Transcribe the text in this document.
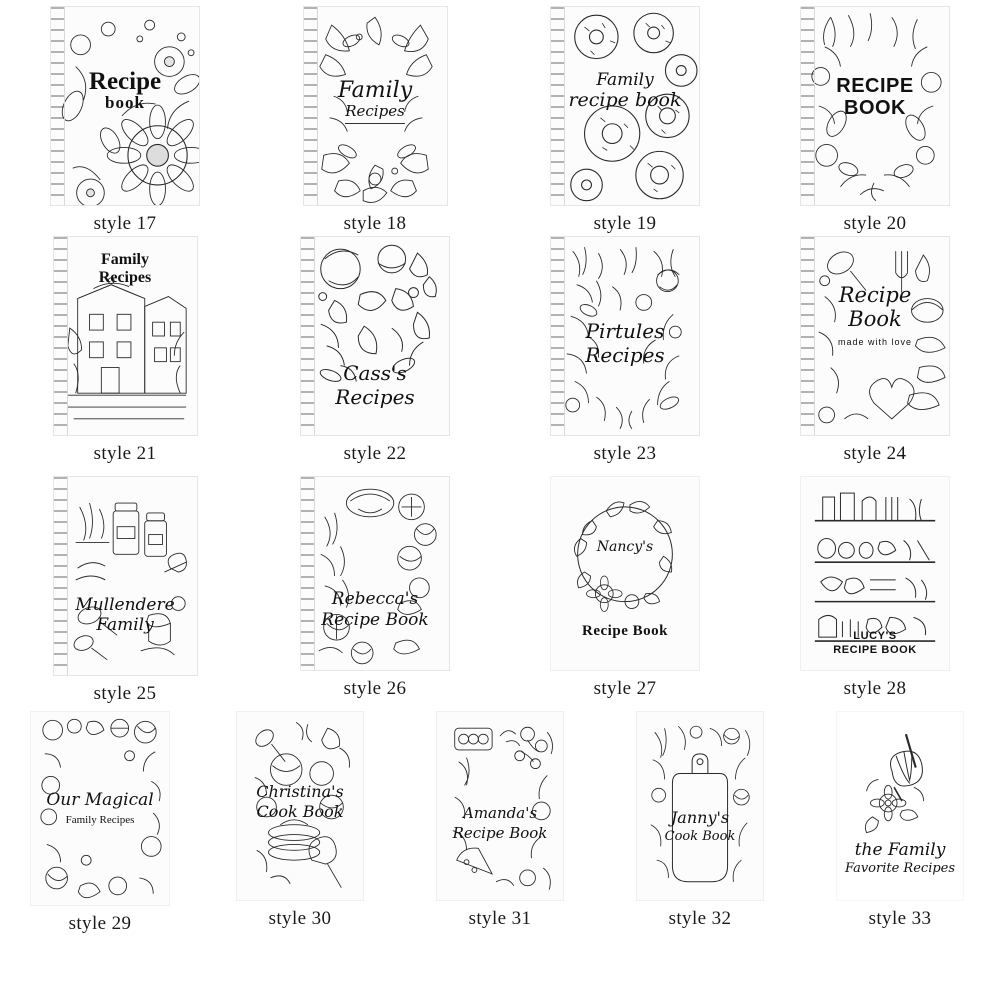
Recipe
book
style 17
Family
Recipes
style 18
Family
recipe book
style 19
RECIPE
BOOK
style 20
Family
Recipes
style 21
Cass's
Recipes
style 22
Pirtules
Recipes
style 23
Recipe
Book
made with love
style 24
Mullendere
Family
style 25
Rebecca's
Recipe Book
style 26
Nancy's
Recipe Book
style 27
LUCY'S
RECIPE BOOK
style 28
Our Magical
Family Recipes
style 29
Christina's
Cook Book
style 30
Amanda's
Recipe Book
style 31
Janny's
Cook Book
style 32
the Family
Favorite Recipes
style 33
